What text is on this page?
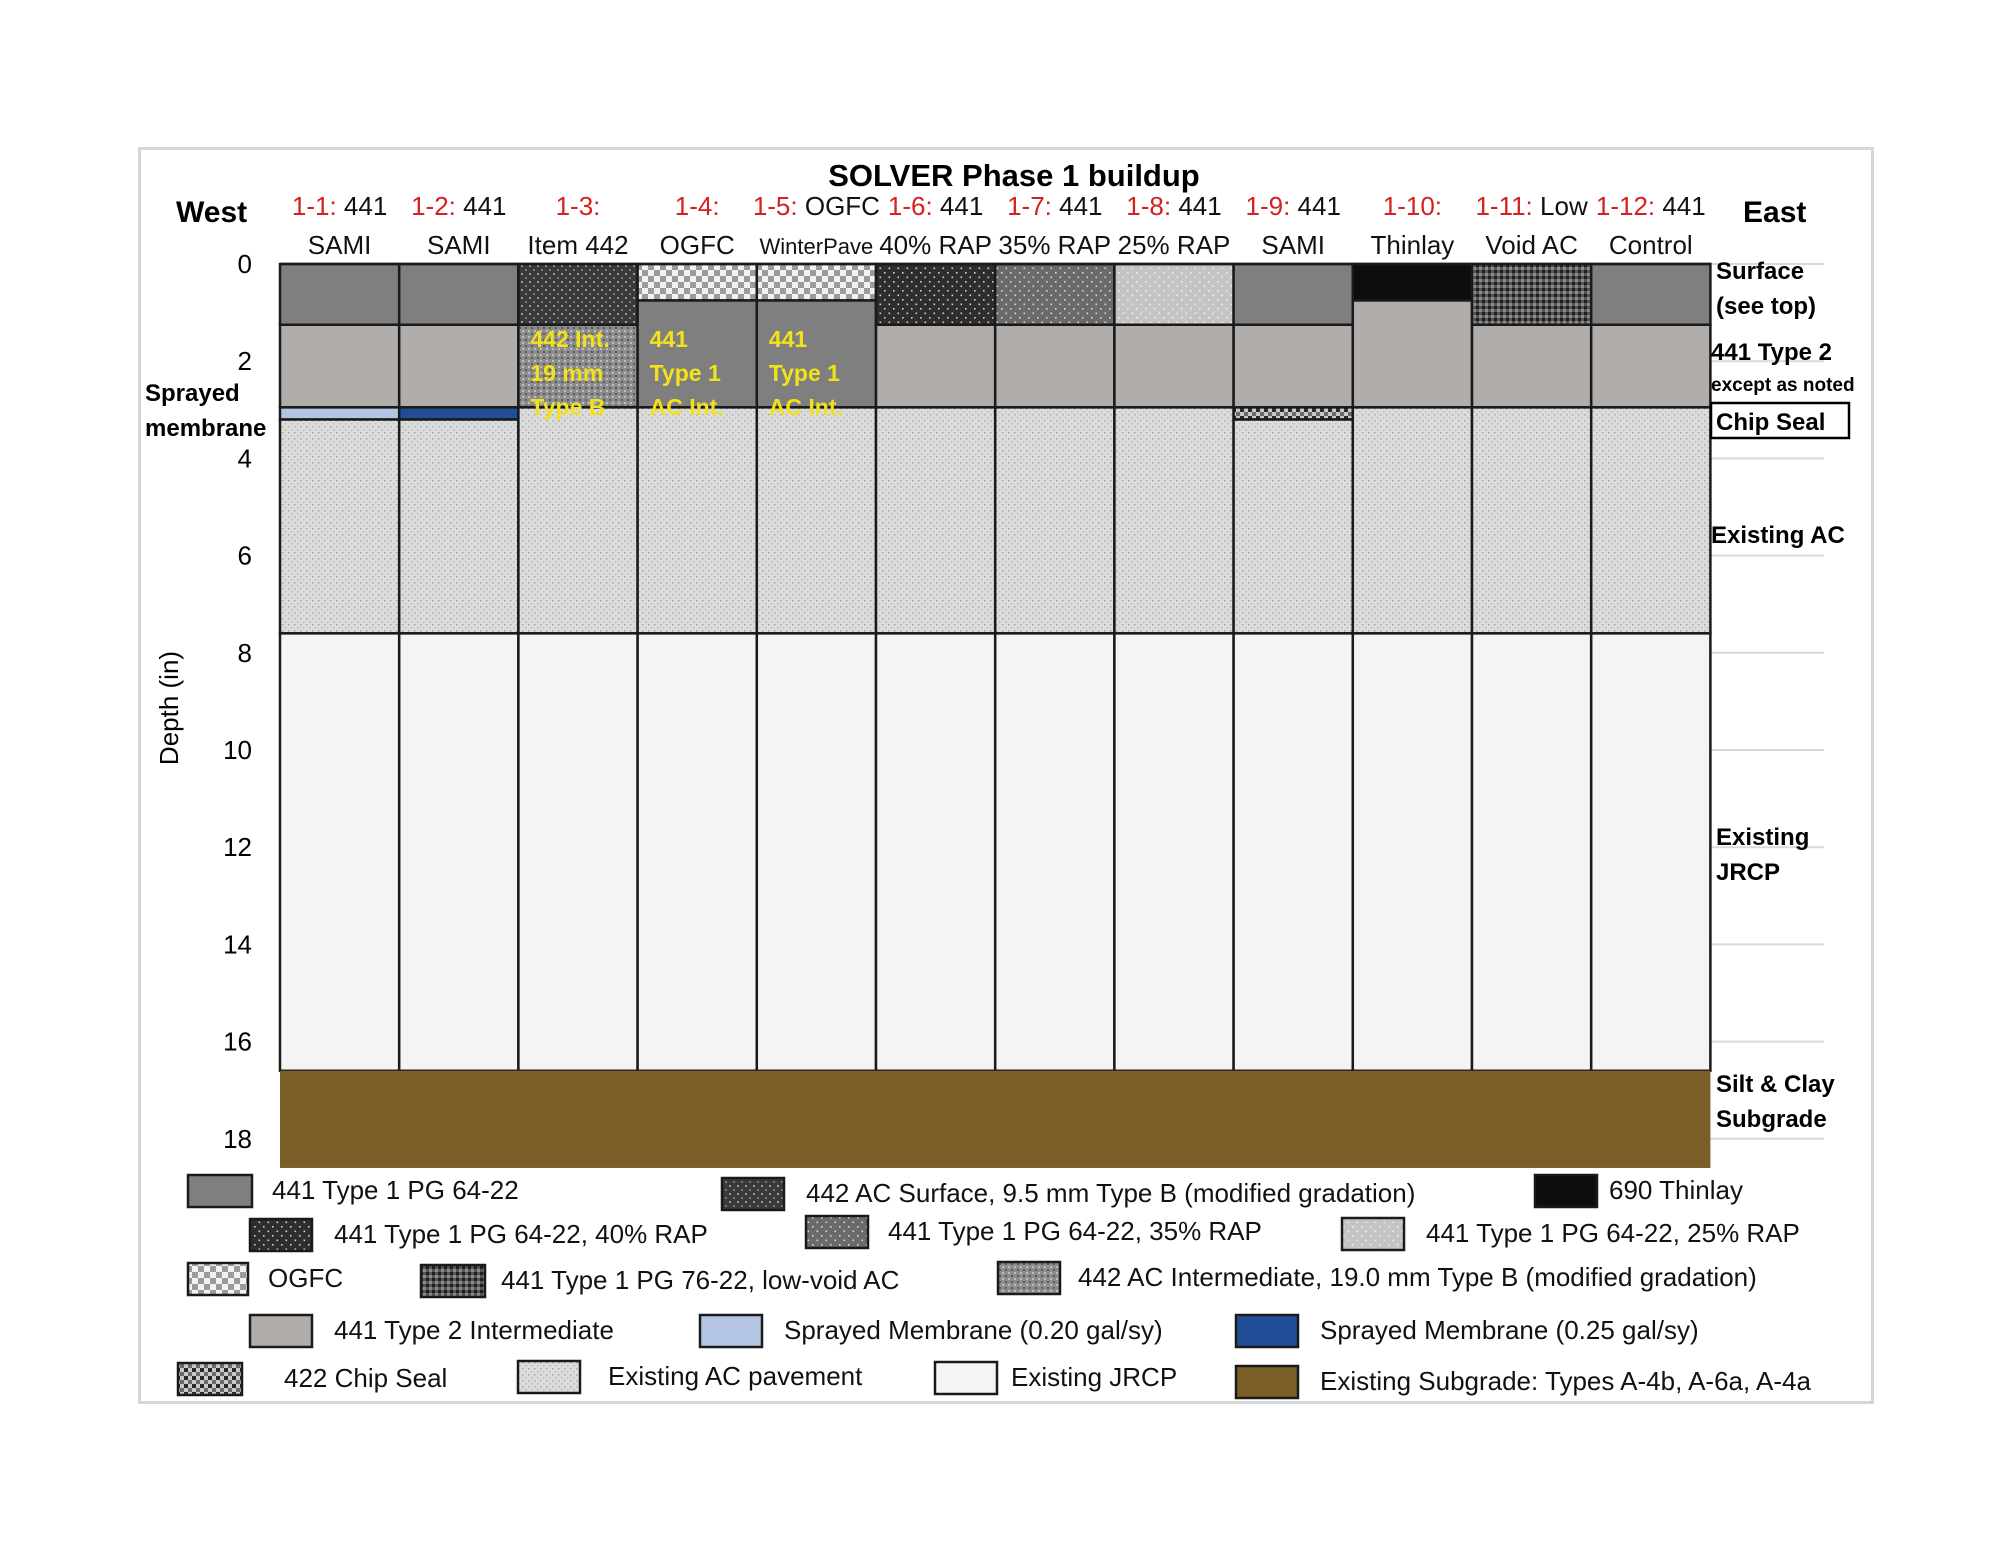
442 Int.
19 mm
Type B
441
Type 1
AC Int.
441
Type 1
AC Int.
0
2
4
6
8
10
12
14
16
18
1-1: 441
SAMI
1-2: 441
SAMI
1-3:
Item 442
1-4:
OGFC
1-5: OGFC
WinterPave
1-6: 441
40% RAP
1-7: 441
35% RAP
1-8: 441
25% RAP
1-9: 441
SAMI
1-10:
Thinlay
1-11: Low
Void AC
1-12: 441
Control
441 Type 1 PG 64-22	442 AC Surface, 9.5 mm Type B (modified gradation)	690 Thinlay
441 Type 1 PG 64-22, 40% RAP	441 Type 1 PG 64-22, 35% RAP	441 Type 1 PG 64-22, 25% RAP
OGFC	441 Type 1 PG 76-22, low-void AC	442 AC Intermediate, 19.0 mm Type B (modified gradation)
441 Type 2 Intermediate	Sprayed Membrane (0.20 gal/sy)	Sprayed Membrane (0.25 gal/sy)
422 Chip Seal	Existing AC pavement	Existing JRCP	Existing Subgrade: Types A-4b, A-6a, A-4a
SOLVER Phase 1 buildup
West	East
Sprayed
membrane
Depth (in)
Surface
(see top)
441 Type 2
except as noted
Chip Seal
Existing AC
Existing
JRCP
Silt & Clay
Subgrade
